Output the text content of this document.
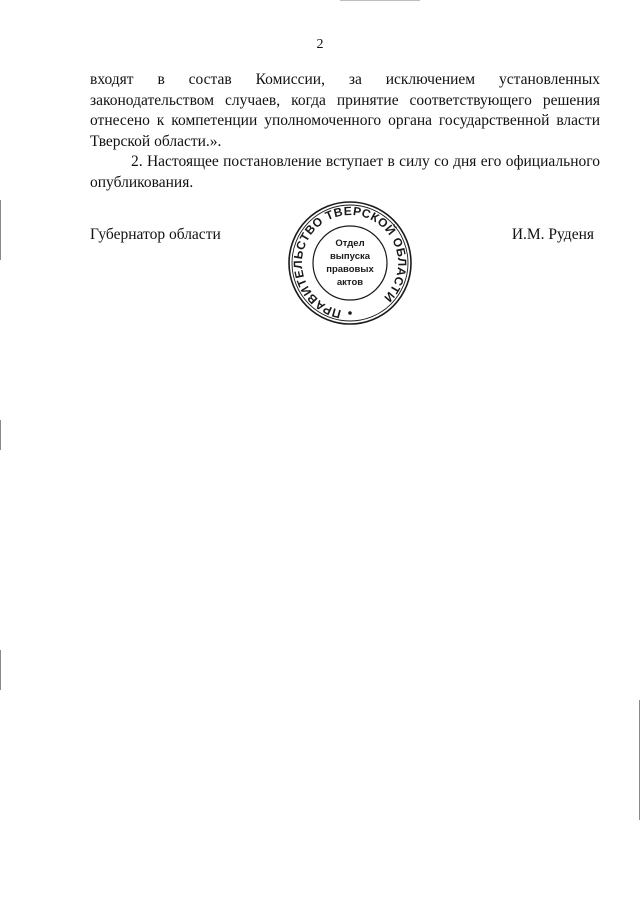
2

входят в состав Комиссии, за исключением установленных
законодательством случаев, когда принятие соответствующего решения отнесено к компетенции уполномоченного органа государственной власти Тверской области.».

2. Настоящее постановление вступает в силу со дня его официального опубликования.

Губернатор области	И.М. Руденя
ПРАВИТЕЛЬСТВО ТВЕРСКОЙ ОБЛАСТИ
Отдел
выпуска
правовых
актов
